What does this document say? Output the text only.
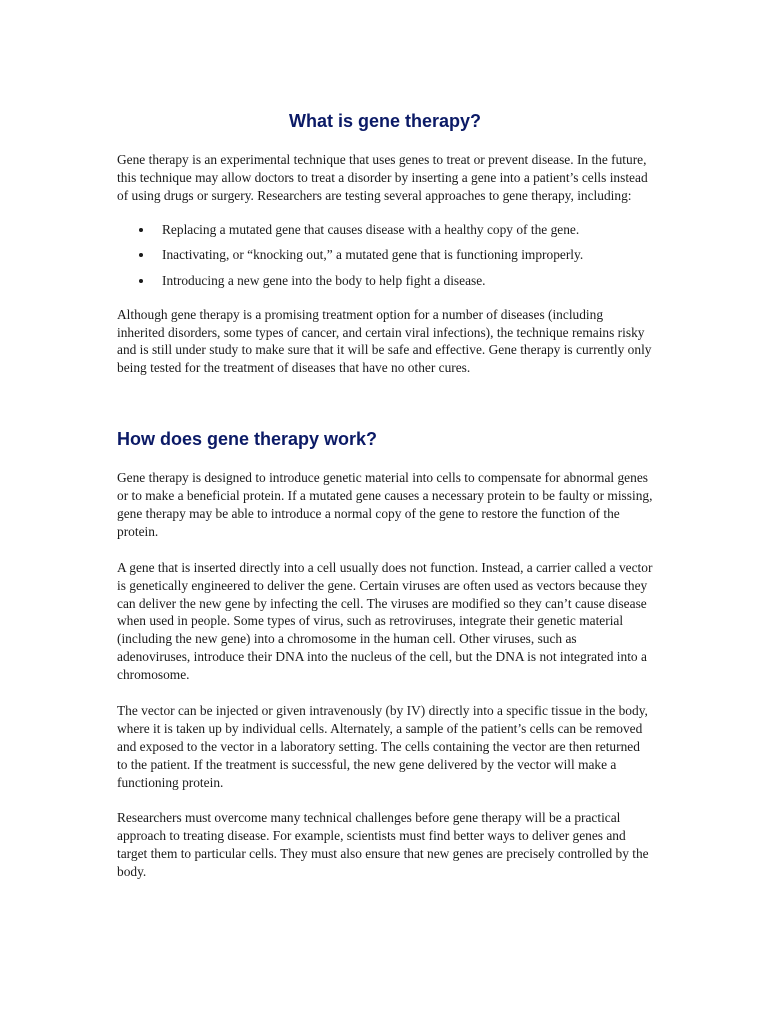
What is gene therapy?

Gene therapy is an experimental technique that uses genes to treat or prevent disease. In the future, this technique may allow doctors to treat a disorder by inserting a gene into a patient’s cells instead of using drugs or surgery. Researchers are testing several approaches to gene therapy, including:

Replacing a mutated gene that causes disease with a healthy copy of the gene.
Inactivating, or “knocking out,” a mutated gene that is functioning improperly.
Introducing a new gene into the body to help fight a disease.

Although gene therapy is a promising treatment option for a number of diseases (including inherited disorders, some types of cancer, and certain viral infections), the technique remains risky and is still under study to make sure that it will be safe and effective. Gene therapy is currently only being tested for the treatment of diseases that have no other cures.

How does gene therapy work?

Gene therapy is designed to introduce genetic material into cells to compensate for abnormal genes or to make a beneficial protein. If a mutated gene causes a necessary protein to be faulty or missing, gene therapy may be able to introduce a normal copy of the gene to restore the function of the protein.

A gene that is inserted directly into a cell usually does not function. Instead, a carrier called a vector is genetically engineered to deliver the gene. Certain viruses are often used as vectors because they can deliver the new gene by infecting the cell. The viruses are modified so they can’t cause disease when used in people. Some types of virus, such as retroviruses, integrate their genetic material (including the new gene) into a chromosome in the human cell. Other viruses, such as adenoviruses, introduce their DNA into the nucleus of the cell, but the DNA is not integrated into a chromosome.

The vector can be injected or given intravenously (by IV) directly into a specific tissue in the body, where it is taken up by individual cells. Alternately, a sample of the patient’s cells can be removed and exposed to the vector in a laboratory setting. The cells containing the vector are then returned to the patient. If the treatment is successful, the new gene delivered by the vector will make a functioning protein.

Researchers must overcome many technical challenges before gene therapy will be a practical approach to treating disease. For example, scientists must find better ways to deliver genes and target them to particular cells. They must also ensure that new genes are precisely controlled by the body.
